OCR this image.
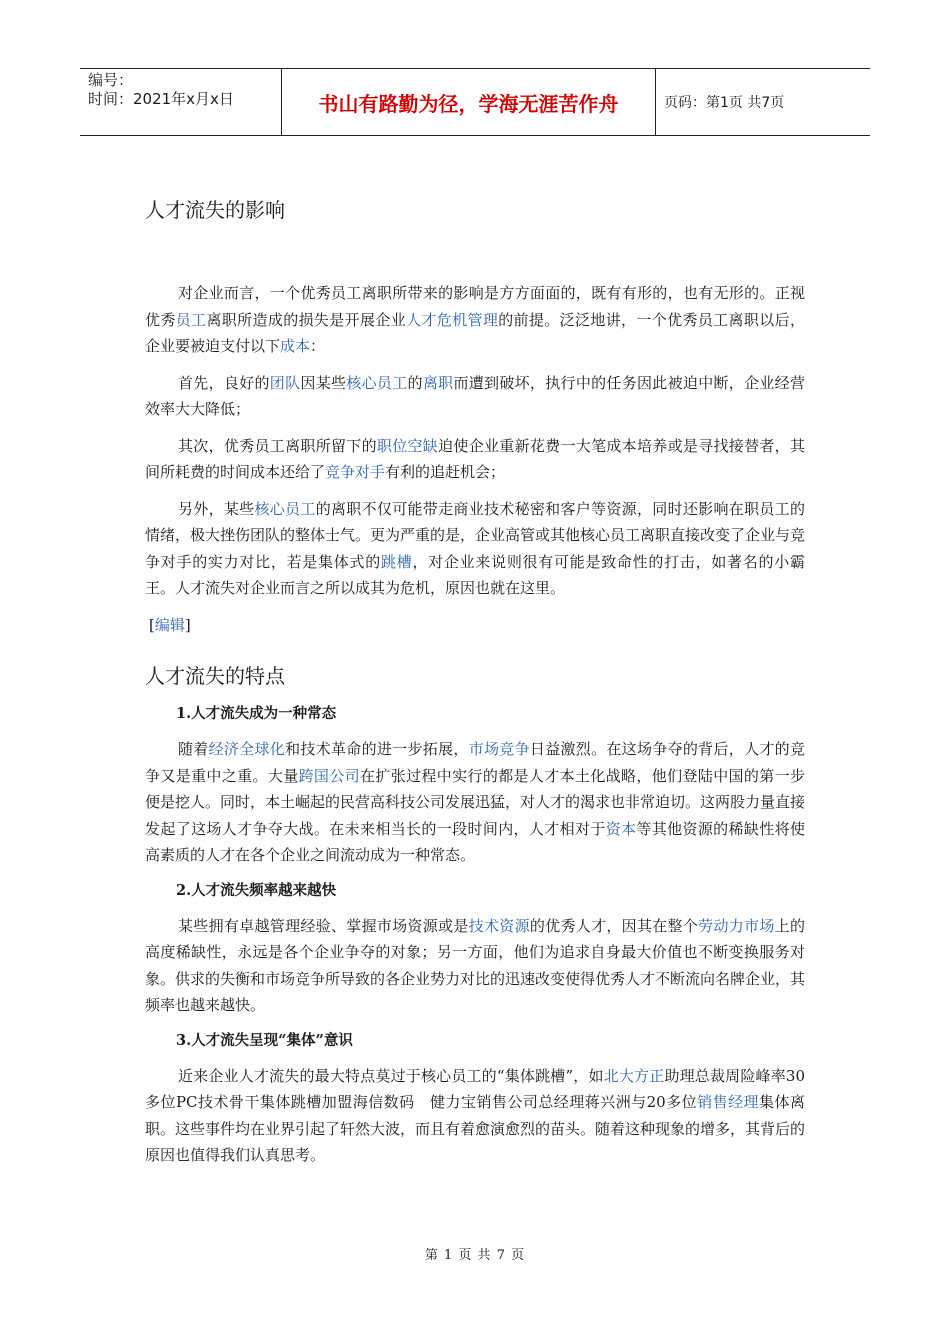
编号：
时间：2021年x月x日	书山有路勤为径，学海无涯苦作舟	页码：第1页 共7页
人才流失的影响

对企业而言，一个优秀员工离职所带来的影响是方方面面的，既有有形的，也有无形的。正视优秀员工离职所造成的损失是开展企业人才危机管理的前提。泛泛地讲，一个优秀员工离职以后，企业要被迫支付以下成本：

首先，良好的团队因某些核心员工的离职而遭到破坏，执行中的任务因此被迫中断，企业经营效率大大降低；

其次，优秀员工离职所留下的职位空缺迫使企业重新花费一大笔成本培养或是寻找接替者，其间所耗费的时间成本还给了竞争对手有利的追赶机会；

另外，某些核心员工的离职不仅可能带走商业技术秘密和客户等资源，同时还影响在职员工的情绪，极大挫伤团队的整体士气。更为严重的是，企业高管或其他核心员工离职直接改变了企业与竞争对手的实力对比，若是集体式的跳槽，对企业来说则很有可能是致命性的打击，如著名的小霸王。人才流失对企业而言之所以成其为危机，原因也就在这里。

[编辑]

人才流失的特点
1.人才流失成为一种常态

随着经济全球化和技术革命的进一步拓展，市场竞争日益激烈。在这场争夺的背后，人才的竞争又是重中之重。大量跨国公司在扩张过程中实行的都是人才本土化战略，他们登陆中国的第一步便是挖人。同时，本土崛起的民营高科技公司发展迅猛，对人才的渴求也非常迫切。这两股力量直接发起了这场人才争夺大战。在未来相当长的一段时间内，人才相对于资本等其他资源的稀缺性将使高素质的人才在各个企业之间流动成为一种常态。

2.人才流失频率越来越快

某些拥有卓越管理经验、掌握市场资源或是技术资源的优秀人才，因其在整个劳动力市场上的高度稀缺性，永远是各个企业争夺的对象；另一方面，他们为追求自身最大价值也不断变换服务对象。供求的失衡和市场竞争所导致的各企业势力对比的迅速改变使得优秀人才不断流向名牌企业，其频率也越来越快。

3.人才流失呈现“集体”意识

近来企业人才流失的最大特点莫过于核心员工的“集体跳槽”，如北大方正助理总裁周险峰率30多位PC技术骨干集体跳槽加盟海信数码　健力宝销售公司总经理蒋兴洲与20多位销售经理集体离职。这些事件均在业界引起了轩然大波，而且有着愈演愈烈的苗头。随着这种现象的增多，其背后的原因也值得我们认真思考。

第 1 页 共 7 页
